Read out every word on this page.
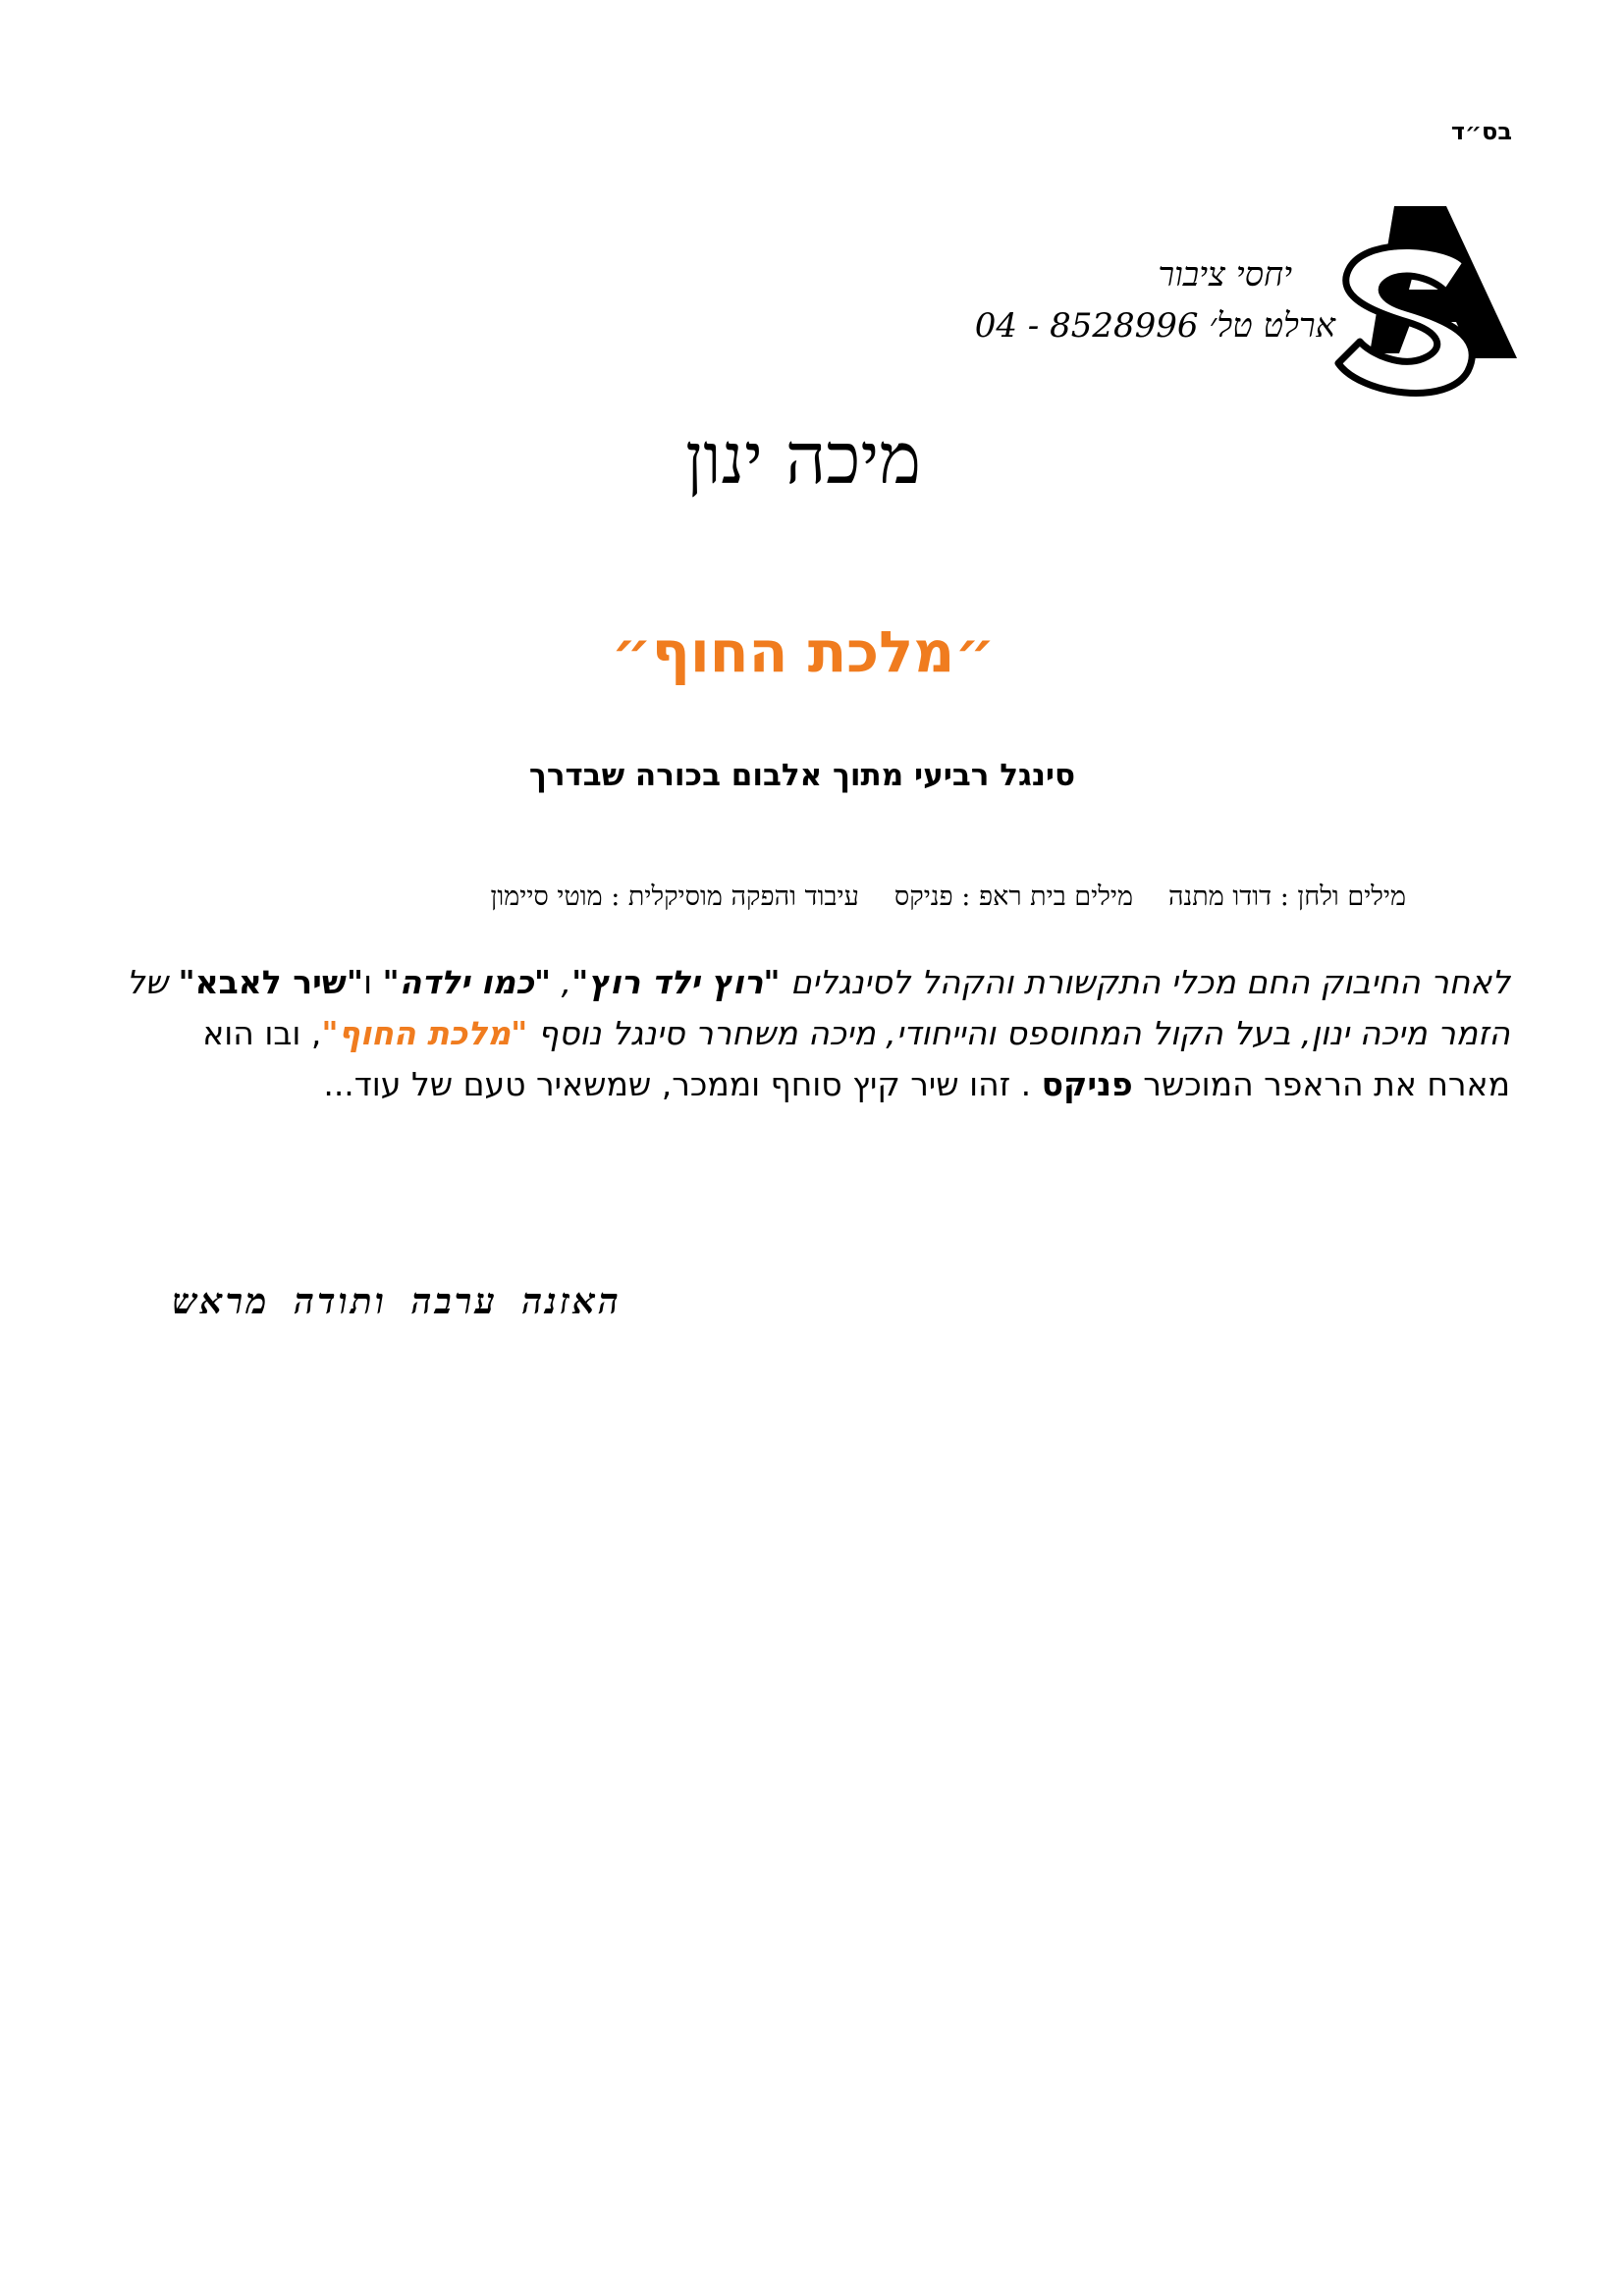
בס״ד
יחסי ציבור
ארלט טל׳ 8528996 - 04
מיכה ינון
״מלכת החוף״
סינגל רביעי מתוך אלבום בכורה שבדרך
מילים ולחן : דודו מתנהמילים בית ראפ : פניקסעיבוד והפקה מוסיקלית : מוטי סיימון
לאחר החיבוק החם מכלי התקשורת והקהל לסינגלים "רוץ ילד רוץ", "כמו ילדה" ו"שיר לאבא" של הזמר מיכה ינון, בעל הקול המחוספס והייחודי, מיכה משחרר סינגל נוסף "מלכת החוף", ובו הוא מארח את הראפר המוכשר פניקס . זהו שיר קיץ סוחף וממכר, שמשאיר טעם של עוד...
האזנה ערבה ותודה מראש
